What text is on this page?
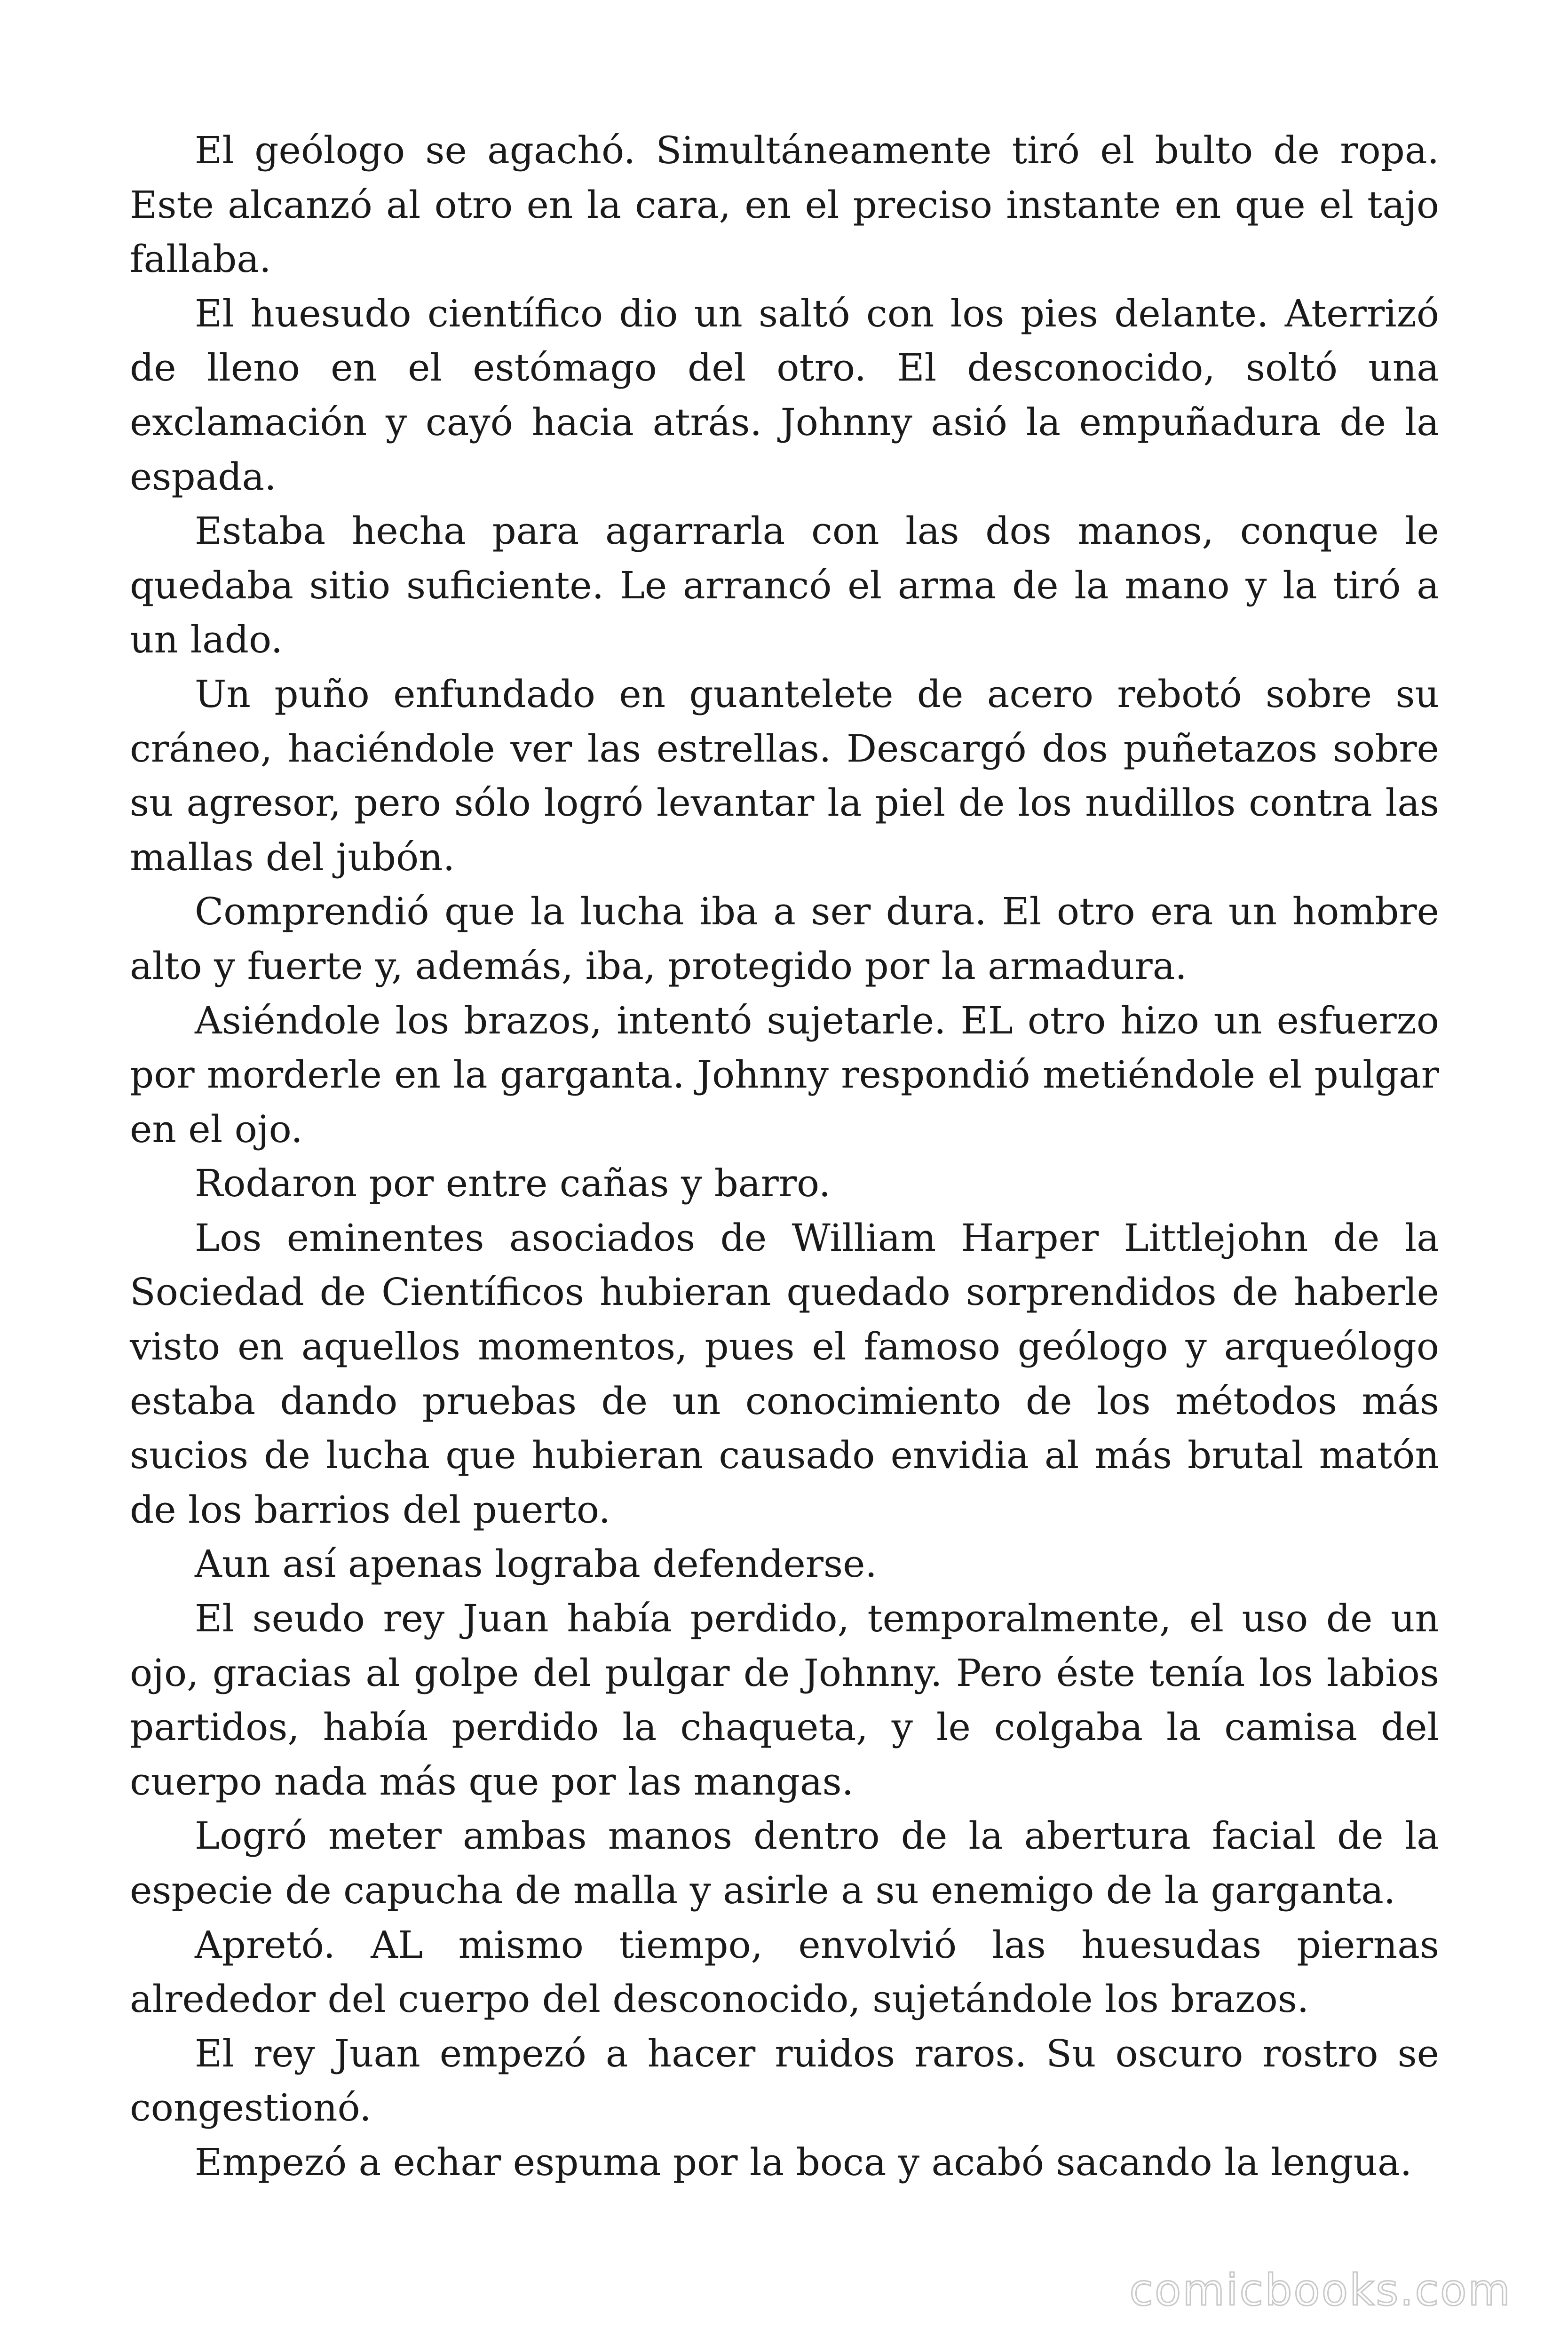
El geólogo se agachó. Simultáneamente tiró el bulto de ropa. Este alcanzó al otro en la cara, en el preciso instante en que el tajo fallaba.

El huesudo científico dio un saltó con los pies delante. Aterrizó de lleno en el estómago del otro. El desconocido, soltó una exclamación y cayó hacia atrás. Johnny asió la empuñadura de la espada.

Estaba hecha para agarrarla con las dos manos, conque le quedaba sitio suficiente. Le arrancó el arma de la mano y la tiró a un lado.

Un puño enfundado en guantelete de acero rebotó sobre su cráneo, haciéndole ver las estrellas. Descargó dos puñetazos sobre su agresor, pero sólo logró levantar la piel de los nudillos contra las mallas del jubón.

Comprendió que la lucha iba a ser dura. El otro era un hombre alto y fuerte y, además, iba, protegido por la armadura.

Asiéndole los brazos, intentó sujetarle. EL otro hizo un esfuerzo por morderle en la garganta. Johnny respondió metiéndole el pulgar en el ojo.

Rodaron por entre cañas y barro.

Los eminentes asociados de William Harper Littlejohn de la Sociedad de Científicos hubieran quedado sorprendidos de haberle visto en aquellos momentos, pues el famoso geólogo y arqueólogo estaba dando pruebas de un conocimiento de los métodos más sucios de lucha que hubieran causado envidia al más brutal matón de los barrios del puerto.

Aun así apenas lograba defenderse.

El seudo rey Juan había perdido, temporalmente, el uso de un ojo, gracias al golpe del pulgar de Johnny. Pero éste tenía los labios partidos, había perdido la chaqueta, y le colgaba la camisa del cuerpo nada más que por las mangas.

Logró meter ambas manos dentro de la abertura facial de la especie de capucha de malla y asirle a su enemigo de la garganta.

Apretó. AL mismo tiempo, envolvió las huesudas piernas alrededor del cuerpo del desconocido, sujetándole los brazos.

El rey Juan empezó a hacer ruidos raros. Su oscuro rostro se congestionó.

Empezó a echar espuma por la boca y acabó sacando la lengua.

comicbooks.com
